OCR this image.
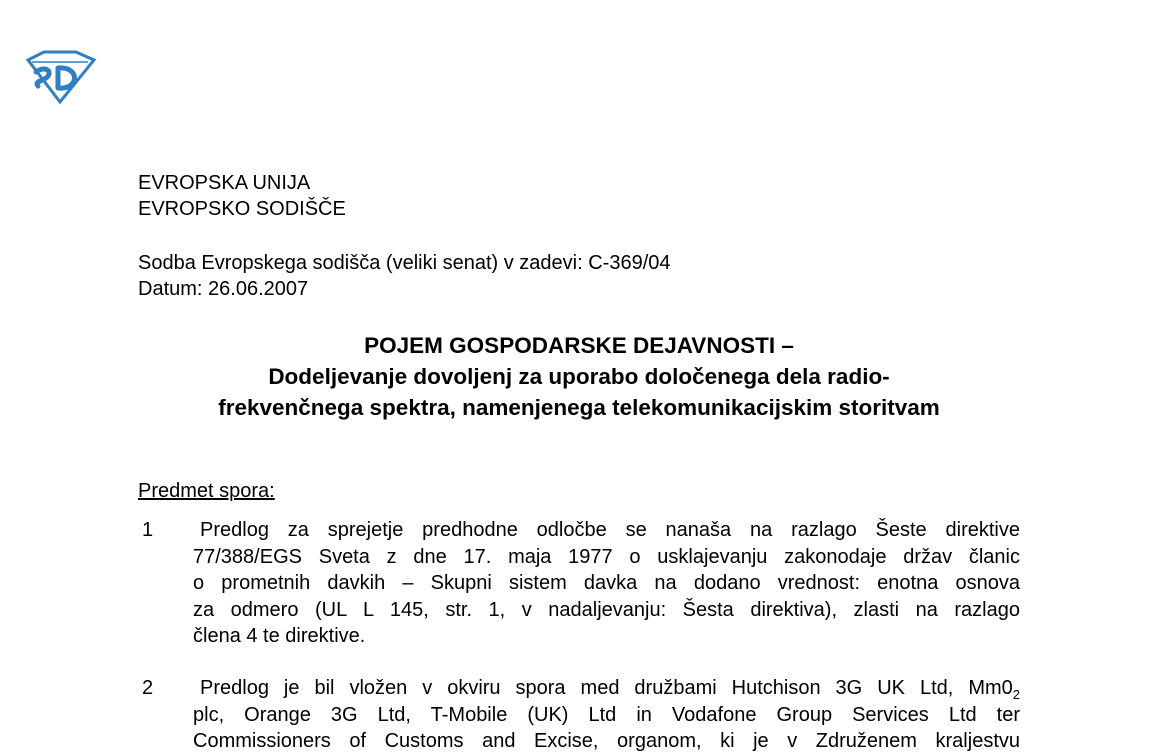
EVROPSKA UNIJA
EVROPSKO SODIŠČE
Sodba Evropskega sodišča (veliki senat) v zadevi: C-369/04
Datum: 26.06.2007
POJEM GOSPODARSKE DEJAVNOSTI –
Dodeljevanje dovoljenj za uporabo določenega dela radio-
frekvenčnega spektra, namenjenega telekomunikacijskim storitvam
Predmet spora:
1	Predlog za sprejetje predhodne odločbe se nanaša na razlago Šeste direktive
77/388/EGS Sveta z dne 17. maja 1977 o usklajevanju zakonodaje držav članic
o prometnih davkih – Skupni sistem davka na dodano vrednost: enotna osnova
za odmero (UL L 145, str. 1, v nadaljevanju: Šesta direktiva), zlasti na razlago
člena 4 te direktive.
2	Predlog je bil vložen v okviru spora med družbami Hutchison 3G UK Ltd, $Mm0_2$
plc, Orange 3G Ltd, T-Mobile (UK) Ltd in Vodafone Group Services Ltd ter
Commissioners of Customs and Excise, organom, ki je v Združenem kraljestvu
